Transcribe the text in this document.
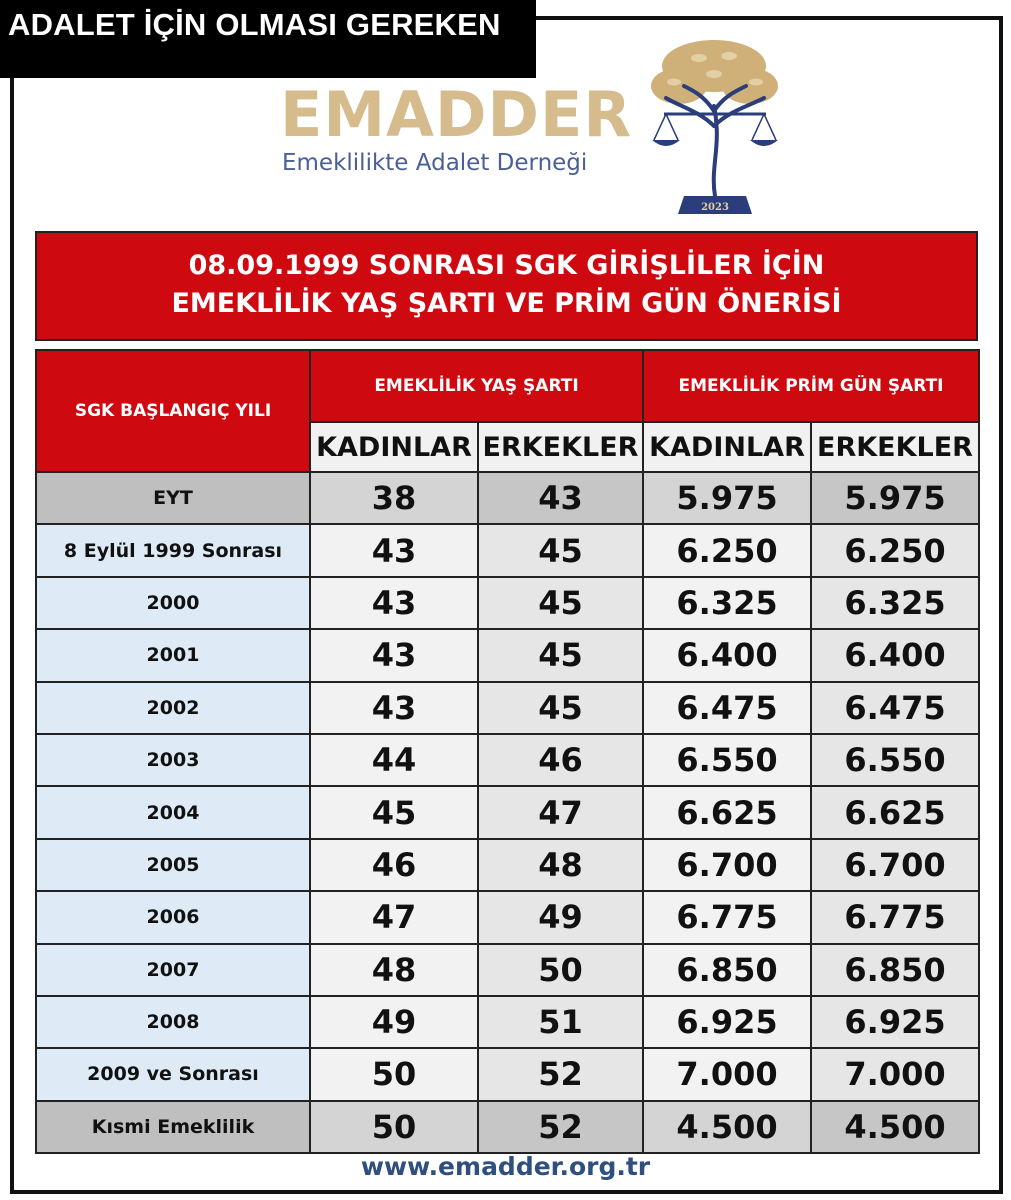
ADALET İÇİN OLMASI GEREKEN
EMADDER
Emeklilikte Adalet Derneği
2023
08.09.1999 SONRASI SGK GİRİŞLİLER İÇİN
EMEKLİLİK YAŞ ŞARTI VE PRİM GÜN ÖNERİSİ
SGK BAŞLANGIÇ YILI	EMEKLİLİK YAŞ ŞARTI		EMEKLİLİK PRİM GÜN ŞARTI	
	KADINLAR	ERKEKLER	KADINLAR	ERKEKLER
EYT	38	43	5.975	5.975
8 Eylül 1999 Sonrası	43	45	6.250	6.250
2000	43	45	6.325	6.325
2001	43	45	6.400	6.400
2002	43	45	6.475	6.475
2003	44	46	6.550	6.550
2004	45	47	6.625	6.625
2005	46	48	6.700	6.700
2006	47	49	6.775	6.775
2007	48	50	6.850	6.850
2008	49	51	6.925	6.925
2009 ve Sonrası	50	52	7.000	7.000
Kısmi Emeklilik	50	52	4.500	4.500
www.emadder.org.tr
